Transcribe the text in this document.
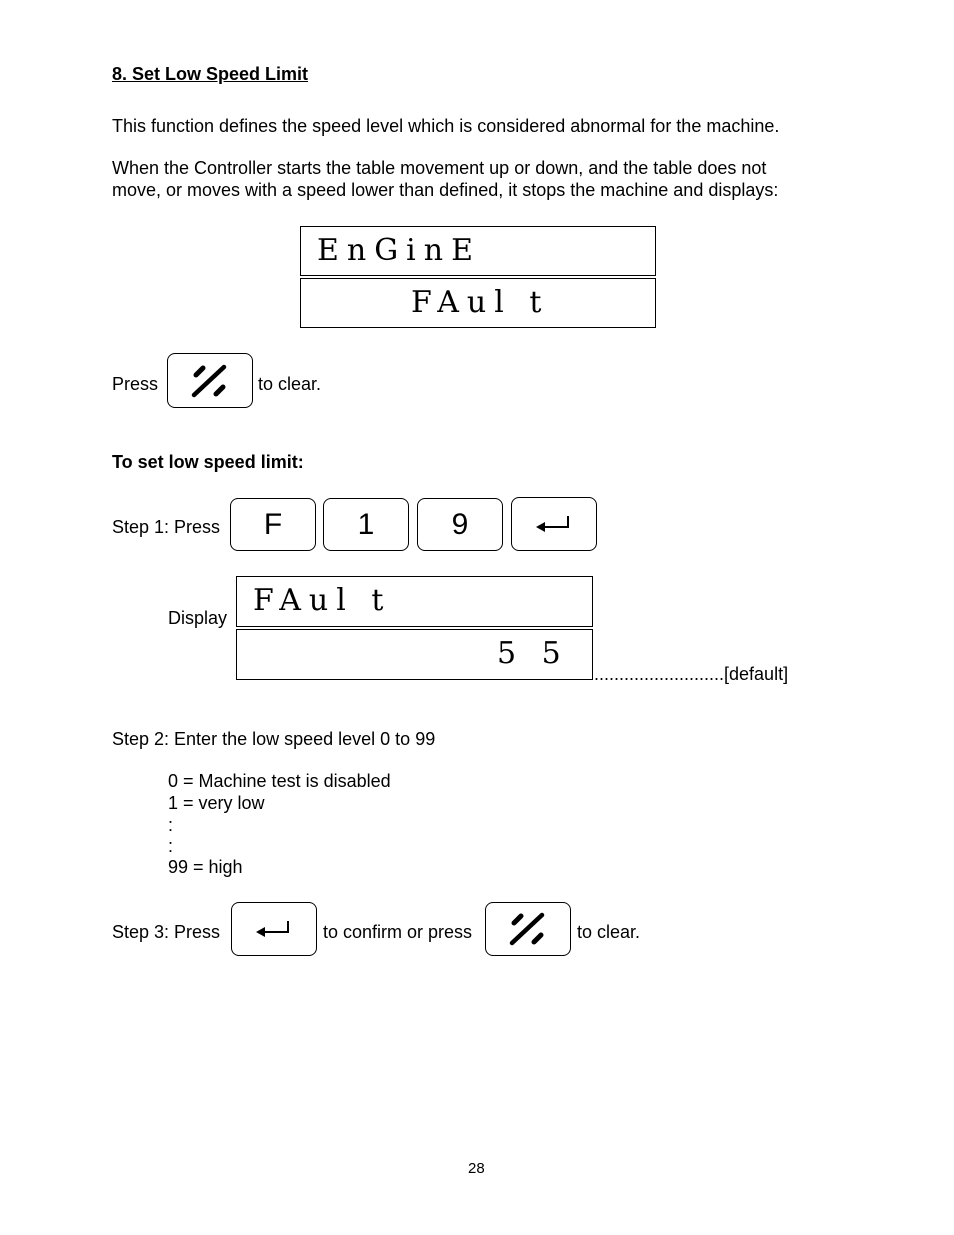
8. Set Low Speed Limit
This function defines the speed level which is considered abnormal for the machine.
When the Controller starts the table movement up or down, and the table does not
move, or moves with a speed lower than defined, it stops the machine and displays:
EnGinE
FAul t
Press	to clear.
To set low speed limit:
Step 1: Press	F	1	9
Display FAul t
5 5
..........................[default]
Step 2: Enter the low speed level 0 to 99
0 = Machine test is disabled
1 = very low
:
:
99 = high
Step 3: Press	to confirm or press	to clear.
28
